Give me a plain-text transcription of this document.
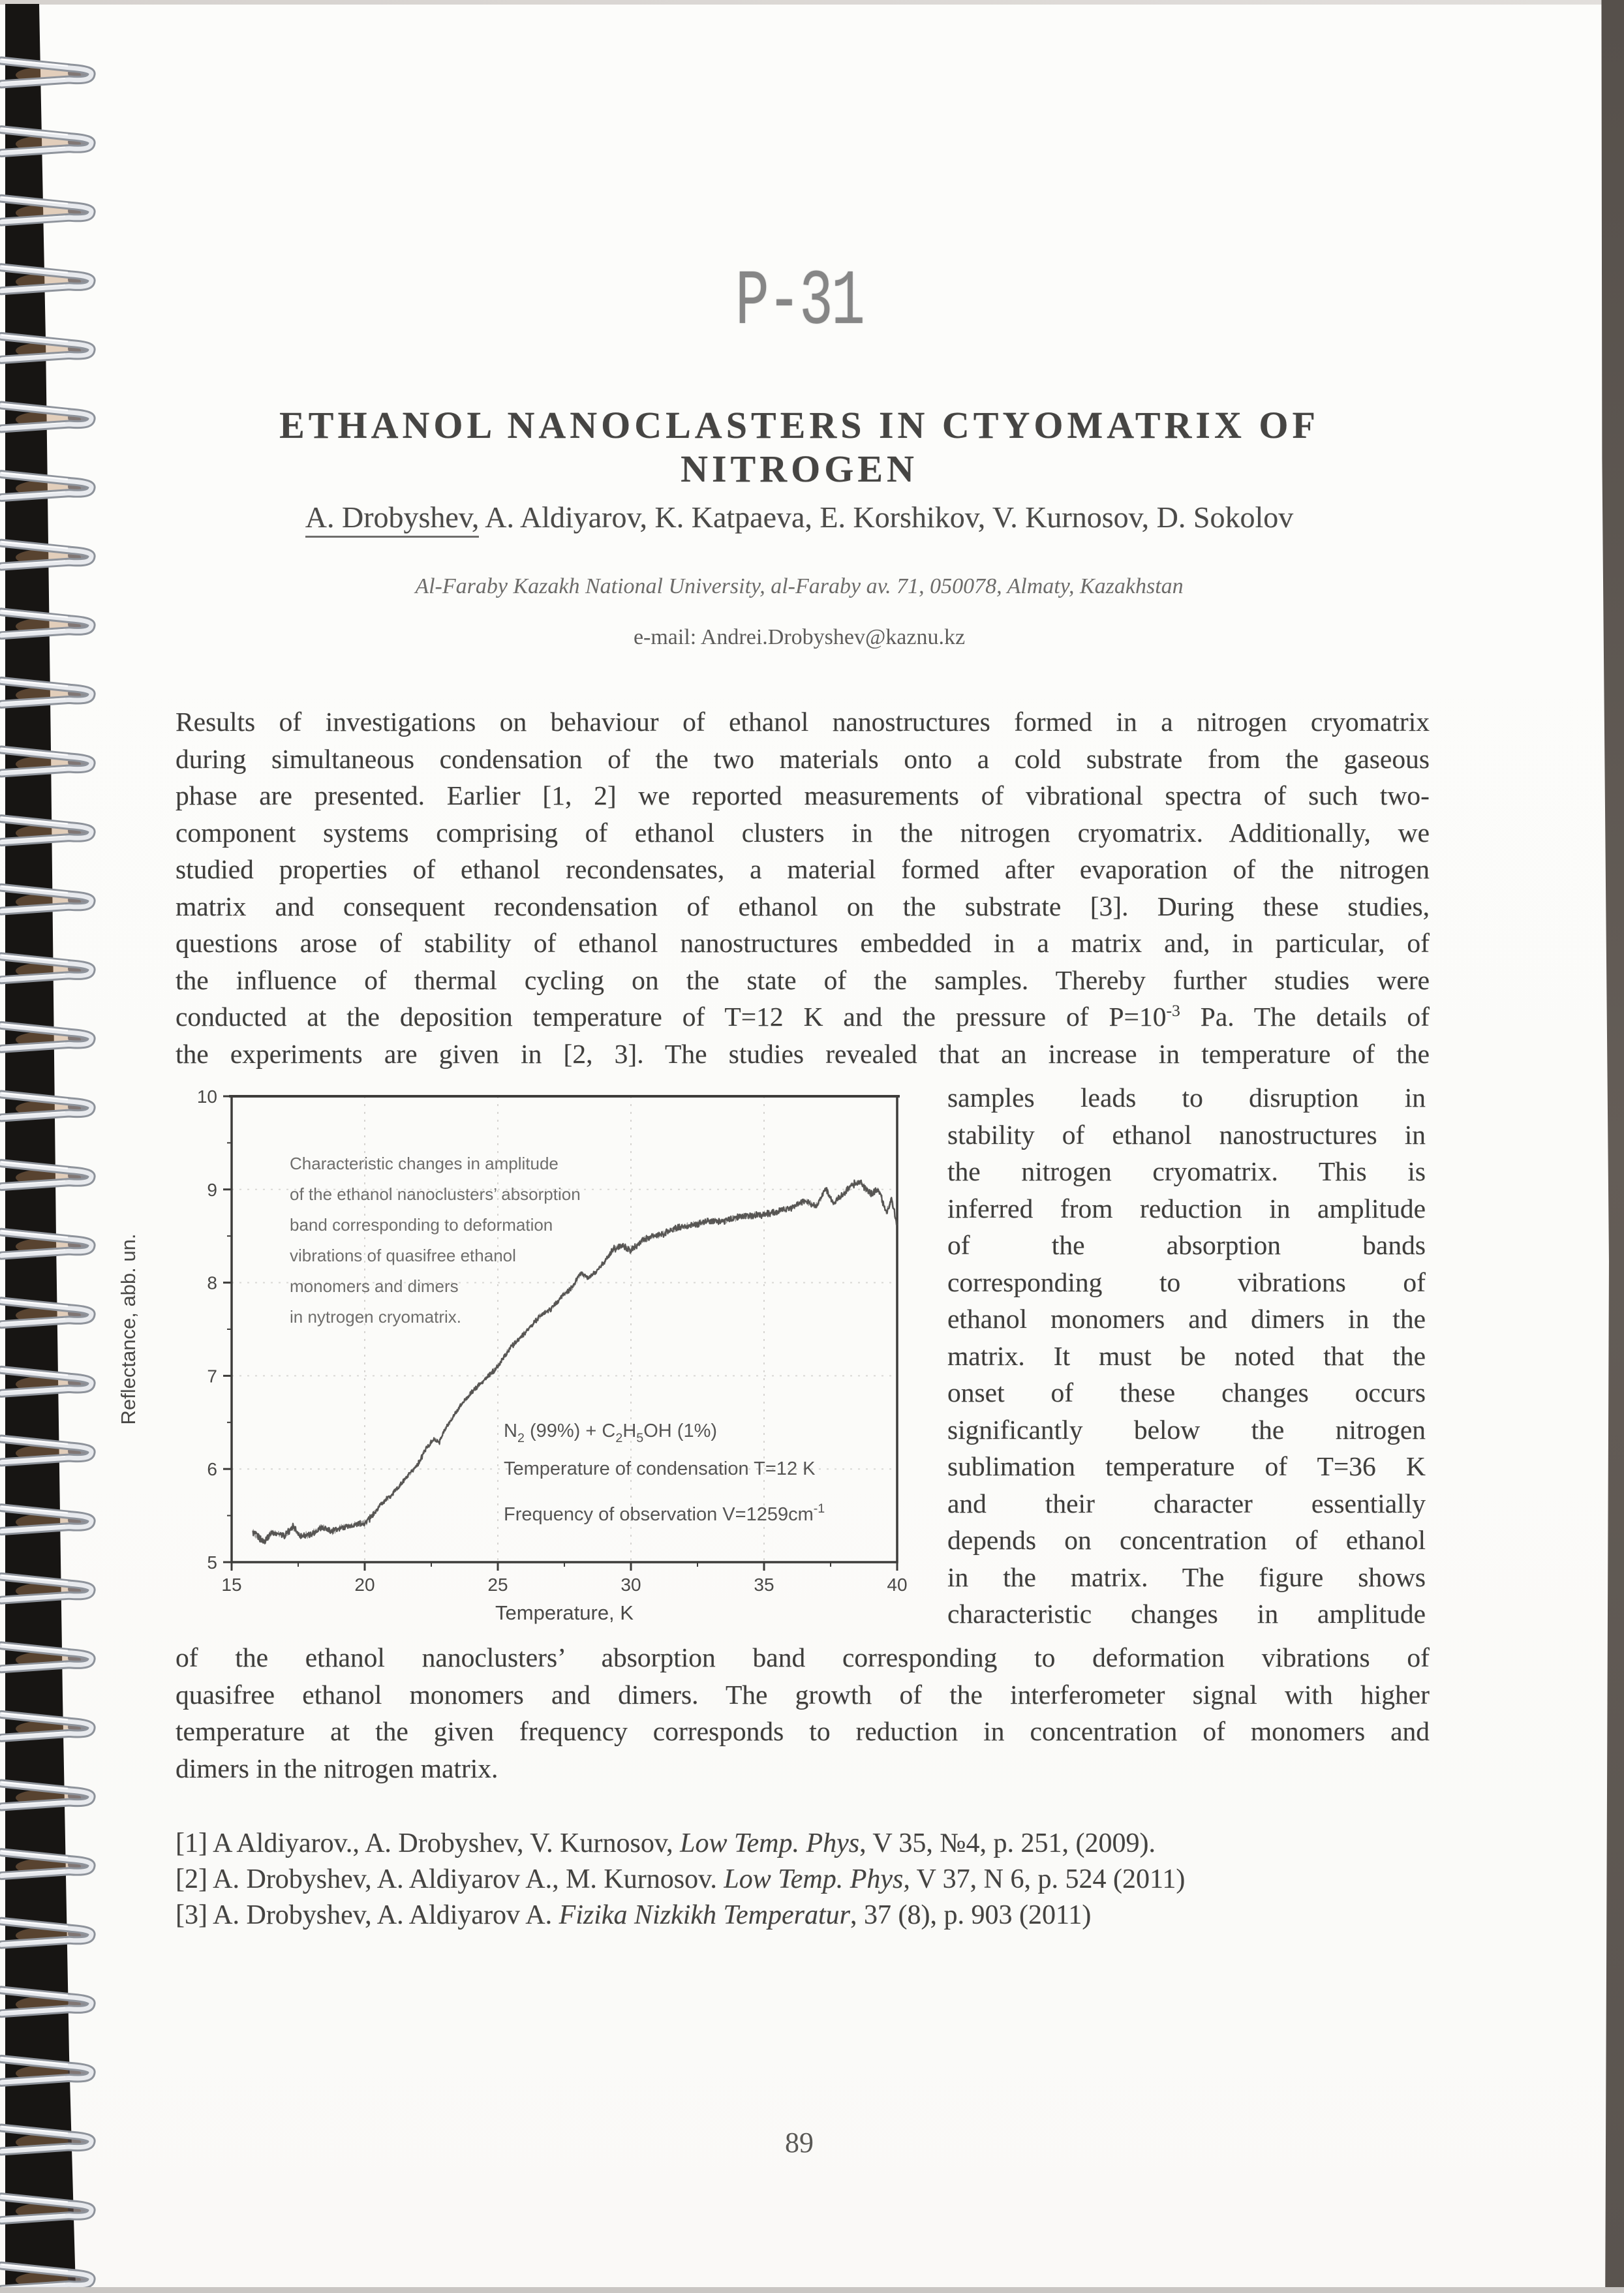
P-31
ETHANOL NANOCLASTERS IN CTYOMATRIX OF NITROGEN
A. Drobyshev, A. Aldiyarov, K. Katpaeva, E. Korshikov, V. Kurnosov, D. Sokolov
Al-Faraby Kazakh National University, al-Faraby av. 71, 050078, Almaty, Kazakhstan
e-mail: Andrei.Drobyshev@kaznu.kz
Results of investigations on behaviour of ethanol nanostructures formed in a nitrogen cryomatrix
during simultaneous condensation of the two materials onto a cold substrate from the gaseous
phase are presented. Earlier [1, 2] we reported measurements of vibrational spectra of such two-
component systems comprising of ethanol clusters in the nitrogen cryomatrix. Additionally, we
studied properties of ethanol recondensates, a material formed after evaporation of the nitrogen
matrix and consequent recondensation of ethanol on the substrate [3]. During these studies,
questions arose of stability of ethanol nanostructures embedded in a matrix and, in particular, of
the influence of thermal cycling on the state of the samples. Thereby further studies were
conducted at the deposition temperature of T=12 K and the pressure of $P=10^{-3}$ Pa. The details of
the experiments are given in [2, 3]. The studies revealed that an increase in temperature of the
samples leads to disruption in
stability of ethanol nanostructures in
the nitrogen cryomatrix. This is
inferred from reduction in amplitude
of the absorption bands
corresponding to vibrations of
ethanol monomers and dimers in the
matrix. It must be noted that the
onset of these changes occurs
significantly below the nitrogen
sublimation temperature of T=36 K
and their character essentially
depends on concentration of ethanol
in the matrix. The figure shows
characteristic changes in amplitude
15	20	25	30	35	40
5
6
7
8
9
10
Temperature, K
Reflectance, abb. un.
Characteristic changes in amplitude
of the ethanol nanoclusters’ absorption
band corresponding to deformation
vibrations of quasifree ethanol
monomers and dimers
in nytrogen cryomatrix.
$N_2$ $(99\%) + C_2H_5OH$ (1%)
Temperature of condensation T=12 K
Frequency of observation $V=1259cm^{-1}$
of the ethanol nanoclusters’ absorption band corresponding to deformation vibrations of
quasifree ethanol monomers and dimers. The growth of the interferometer signal with higher
temperature at the given frequency corresponds to reduction in concentration of monomers and
dimers in the nitrogen matrix.
[1] A Aldiyarov., A. Drobyshev, V. Kurnosov, Low Temp. Phys, V 35, №4, p. 251, (2009).
[2] A. Drobyshev, A. Aldiyarov A., M. Kurnosov. Low Temp. Phys, V 37, N 6, p. 524 (2011)
[3] A. Drobyshev, A. Aldiyarov A. Fizika Nizkikh Temperatur, 37 (8), p. 903 (2011)
89
